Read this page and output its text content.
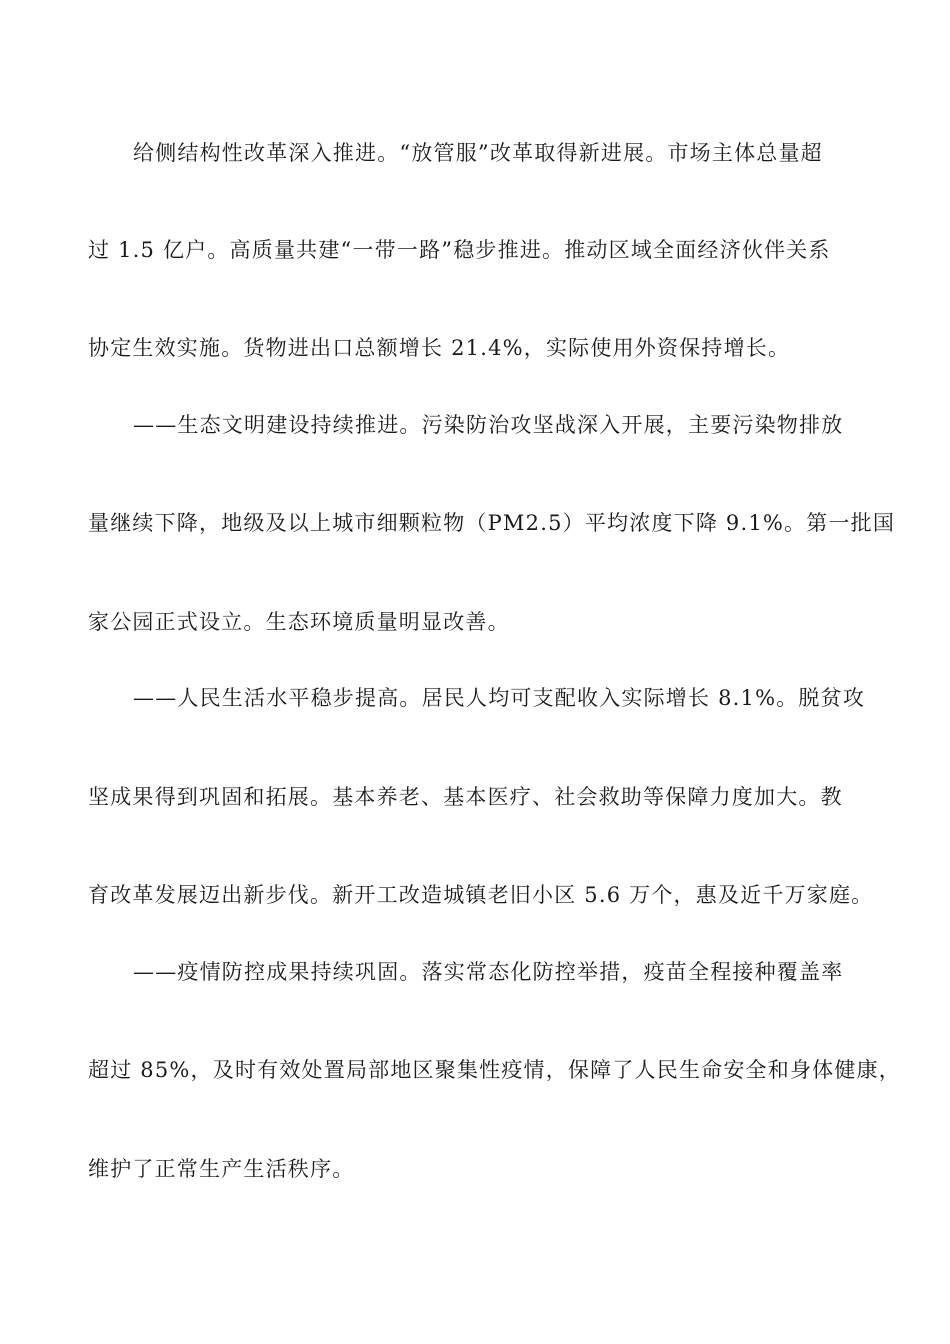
给侧结构性改革深入推进。“放管服”改革取得新进展。市场主体总量超
过 1.5 亿户。高质量共建“一带一路”稳步推进。推动区域全面经济伙伴关系
协定生效实施。货物进出口总额增长 21.4%，实际使用外资保持增长。
——生态文明建设持续推进。污染防治攻坚战深入开展，主要污染物排放
量继续下降，地级及以上城市细颗粒物（PM2.5）平均浓度下降 9.1%。第一批国
家公园正式设立。生态环境质量明显改善。
——人民生活水平稳步提高。居民人均可支配收入实际增长 8.1%。脱贫攻
坚成果得到巩固和拓展。基本养老、基本医疗、社会救助等保障力度加大。教
育改革发展迈出新步伐。新开工改造城镇老旧小区 5.6 万个，惠及近千万家庭。
——疫情防控成果持续巩固。落实常态化防控举措，疫苗全程接种覆盖率
超过 85%，及时有效处置局部地区聚集性疫情，保障了人民生命安全和身体健康，
维护了正常生产生活秩序。
